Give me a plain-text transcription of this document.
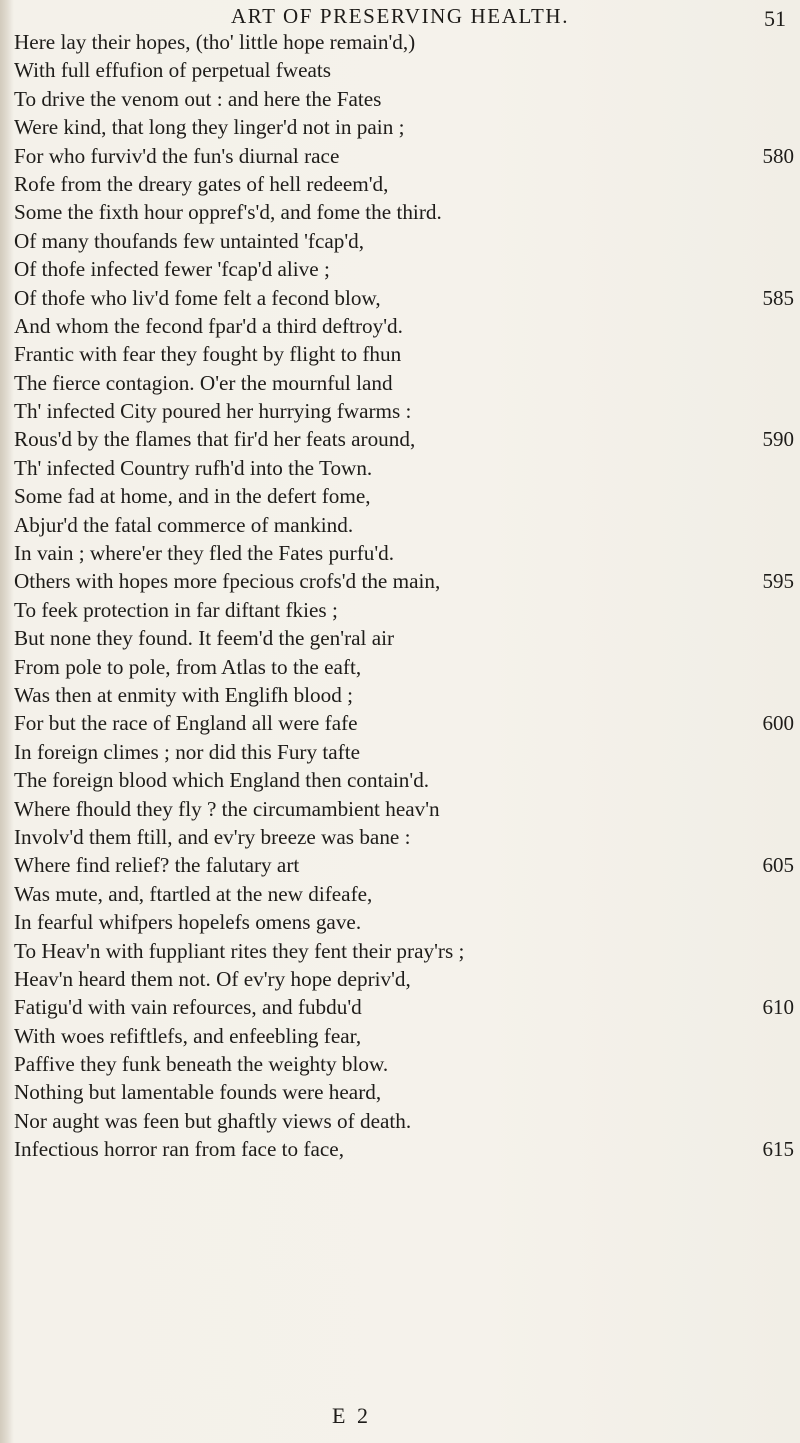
ART OF PRESERVING HEALTH.	51
Here lay their hopes, (tho' little hope remain'd,)
With full effufion of perpetual fweats
To drive the venom out : and here the Fates
Were kind, that long they linger'd not in pain ;
For who furviv'd the fun's diurnal race	580
Rofe from the dreary gates of hell redeem'd,
Some the fixth hour oppref's'd, and fome the third.
Of many thoufands few untainted 'fcap'd,
Of thofe infected fewer 'fcap'd alive ;
Of thofe who liv'd fome felt a fecond blow,	585
And whom the fecond fpar'd a third deftroy'd.
Frantic with fear they fought by flight to fhun
The fierce contagion. O'er the mournful land
Th' infected City poured her hurrying fwarms :
Rous'd by the flames that fir'd her feats around,	590
Th' infected Country rufh'd into the Town.
Some fad at home, and in the defert fome,
Abjur'd the fatal commerce of mankind.
In vain ; where'er they fled the Fates purfu'd.
Others with hopes more fpecious crofs'd the main,	595
To feek protection in far diftant fkies ;
But none they found. It feem'd the gen'ral air
From pole to pole, from Atlas to the eaft,
Was then at enmity with Englifh blood ;
For but the race of England all were fafe	600
In foreign climes ; nor did this Fury tafte
The foreign blood which England then contain'd.
Where fhould they fly ? the circumambient heav'n
Involv'd them ftill, and ev'ry breeze was bane :
Where find relief? the falutary art	605
Was mute, and, ftartled at the new difeafe,
In fearful whifpers hopelefs omens gave.
To Heav'n with fuppliant rites they fent their pray'rs ;
Heav'n heard them not. Of ev'ry hope depriv'd,
Fatigu'd with vain refources, and fubdu'd	610
With woes refiftlefs, and enfeebling fear,
Paffive they funk beneath the weighty blow.
Nothing but lamentable founds were heard,
Nor aught was feen but ghaftly views of death.
Infectious horror ran from face to face,	615
E 2
